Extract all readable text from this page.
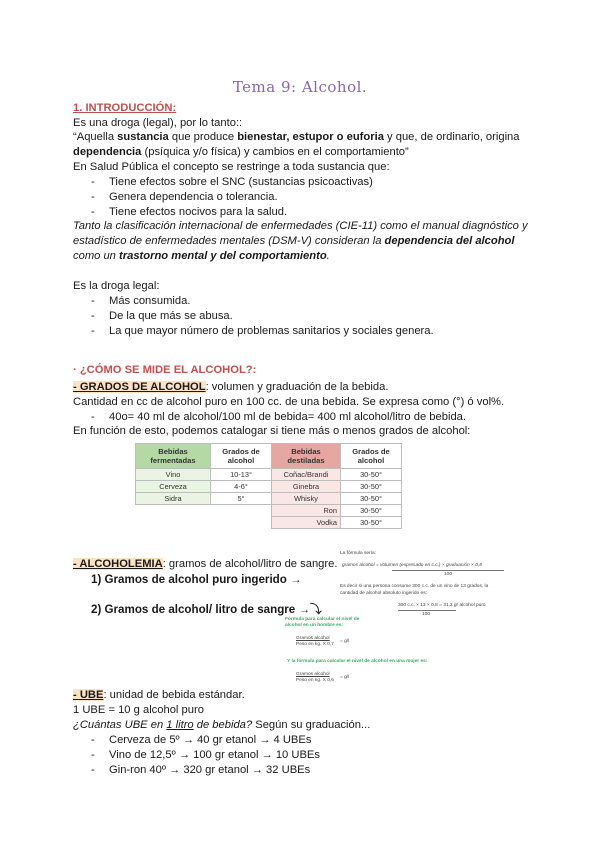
Tema 9: Alcohol.
1. INTRODUCCIÓN:
Es una droga (legal), por lo tanto::
“Aquella sustancia que produce bienestar, estupor o euforia y que, de ordinario, origina
dependencia (psíquica y/o física) y cambios en el comportamiento”
En Salud Pública el concepto se restringe a toda sustancia que:
- Tiene efectos sobre el SNC (sustancias psicoactivas)
- Genera dependencia o tolerancia.
- Tiene efectos nocivos para la salud.
Tanto la clasificación internacional de enfermedades (CIE-11) como el manual diagnóstico y
estadístico de enfermedades mentales (DSM-V) consideran la dependencia del alcohol
como un trastorno mental y del comportamiento.
Es la droga legal:
- Más consumida.
- De la que más se abusa.
- La que mayor número de problemas sanitarios y sociales genera.
· ¿CÓMO SE MIDE EL ALCOHOL?:
- GRADOS DE ALCOHOL: volumen y graduación de la bebida.
Cantidad en cc de alcohol puro en 100 cc. de una bebida. Se expresa como (°) ó vol%.
- 40o= 40 ml de alcohol/100 ml de bebida= 400 ml alcohol/litro de bebida.
En función de esto, podemos catalogar si tiene más o menos grados de alcohol:
Bebidas fermentadas	Grados de alcohol	Bebidas destiladas	Grados de alcohol
Vino	10-13°	Coñac/Brandi	30-50°
Cerveza	4-6°	Ginebra	30-50°
Sidra	5°	Whisky	30-50°
		Ron	30-50°
		Vodka	30-50°
- ALCOHOLEMIA: gramos de alcohol/litro de sangre.
1) Gramos de alcohol puro ingerido →
2) Gramos de alcohol/ litro de sangre →⤵
La fórmula sería:
gramos alcohol = volumen (expresado en c.c.) × graduación × 0,8
100
Es decir si una persona consume 300 c.c. de un vino de 13 grados, la
cantidad de alcohol absoluto ingerido es:
300 c.c. × 13 × 0,8 = 31,2 gr alcohol puro
100
Fórmula para calcular el nivel de alcohol en un hombre es:
Gramos alcohol
Peso en kg. X 0,7
= g/l
Y la fórmula para calcular el nivel de alcohol en una mujer es:
Gramos alcohol
Peso en kg. X 0,6
= g/l
- UBE: unidad de bebida estándar.
1 UBE = 10 g alcohol puro
¿Cuántas UBE en 1 litro de bebida? Según su graduación...
- Cerveza de 5º → 40 gr etanol → 4 UBEs
- Vino de 12,5º → 100 gr etanol → 10 UBEs
- Gin-ron 40º → 320 gr etanol → 32 UBEs
